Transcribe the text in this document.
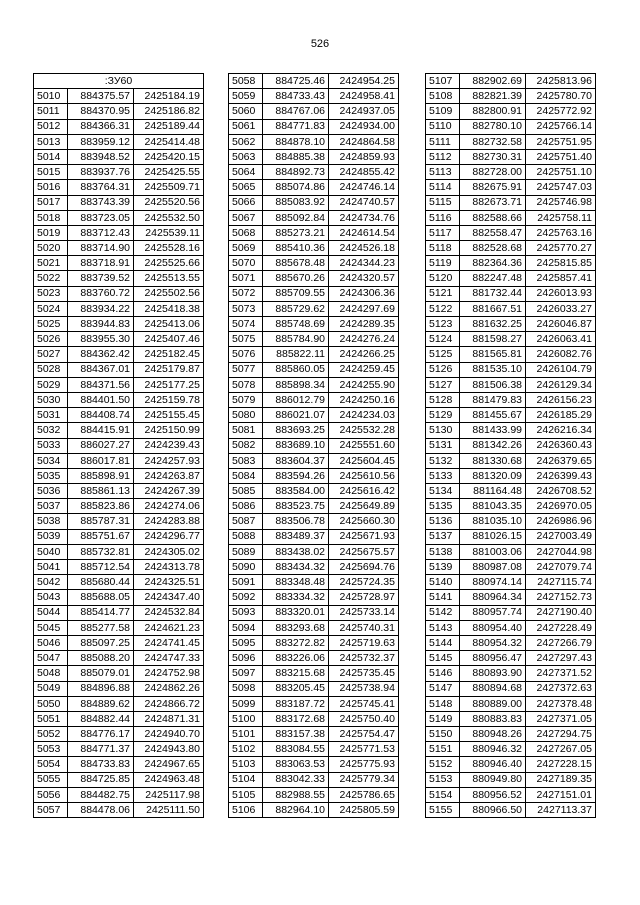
526
:ЗУ60		
5010	884375.57	2425184.19
5011	884370.95	2425186.82
5012	884366.31	2425189.44
5013	883959.12	2425414.48
5014	883948.52	2425420.15
5015	883937.76	2425425.55
5016	883764.31	2425509.71
5017	883743.39	2425520.56
5018	883723.05	2425532.50
5019	883712.43	2425539.11
5020	883714.90	2425528.16
5021	883718.91	2425525.66
5022	883739.52	2425513.55
5023	883760.72	2425502.56
5024	883934.22	2425418.38
5025	883944.83	2425413.06
5026	883955.30	2425407.46
5027	884362.42	2425182.45
5028	884367.01	2425179.87
5029	884371.56	2425177.25
5030	884401.50	2425159.78
5031	884408.74	2425155.45
5032	884415.91	2425150.99
5033	886027.27	2424239.43
5034	886017.81	2424257.93
5035	885898.91	2424263.87
5036	885861.13	2424267.39
5037	885823.86	2424274.06
5038	885787.31	2424283.88
5039	885751.67	2424296.77
5040	885732.81	2424305.02
5041	885712.54	2424313.78
5042	885680.44	2424325.51
5043	885688.05	2424347.40
5044	885414.77	2424532.84
5045	885277.58	2424621.23
5046	885097.25	2424741.45
5047	885088.20	2424747.33
5048	885079.01	2424752.98
5049	884896.88	2424862.26
5050	884889.62	2424866.72
5051	884882.44	2424871.31
5052	884776.17	2424940.70
5053	884771.37	2424943.80
5054	884733.83	2424967.65
5055	884725.85	2424963.48
5056	884482.75	2425117.98
5057	884478.06	2425111.50
5058	884725.46	2424954.25
5059	884733.43	2424958.41
5060	884767.06	2424937.05
5061	884771.83	2424934.00
5062	884878.10	2424864.58
5063	884885.38	2424859.93
5064	884892.73	2424855.42
5065	885074.86	2424746.14
5066	885083.92	2424740.57
5067	885092.84	2424734.76
5068	885273.21	2424614.54
5069	885410.36	2424526.18
5070	885678.48	2424344.23
5071	885670.26	2424320.57
5072	885709.55	2424306.36
5073	885729.62	2424297.69
5074	885748.69	2424289.35
5075	885784.90	2424276.24
5076	885822.11	2424266.25
5077	885860.05	2424259.45
5078	885898.34	2424255.90
5079	886012.79	2424250.16
5080	886021.07	2424234.03
5081	883693.25	2425532.28
5082	883689.10	2425551.60
5083	883604.37	2425604.45
5084	883594.26	2425610.56
5085	883584.00	2425616.42
5086	883523.75	2425649.89
5087	883506.78	2425660.30
5088	883489.37	2425671.93
5089	883438.02	2425675.57
5090	883434.32	2425694.76
5091	883348.48	2425724.35
5092	883334.32	2425728.97
5093	883320.01	2425733.14
5094	883293.68	2425740.31
5095	883272.82	2425719.63
5096	883226.06	2425732.37
5097	883215.68	2425735.45
5098	883205.45	2425738.94
5099	883187.72	2425745.41
5100	883172.68	2425750.40
5101	883157.38	2425754.47
5102	883084.55	2425771.53
5103	883063.53	2425775.93
5104	883042.33	2425779.34
5105	882988.55	2425786.65
5106	882964.10	2425805.59
5107	882902.69	2425813.96
5108	882821.39	2425780.70
5109	882800.91	2425772.92
5110	882780.10	2425766.14
5111	882732.58	2425751.95
5112	882730.31	2425751.40
5113	882728.00	2425751.10
5114	882675.91	2425747.03
5115	882673.71	2425746.98
5116	882588.66	2425758.11
5117	882558.47	2425763.16
5118	882528.68	2425770.27
5119	882364.36	2425815.85
5120	882247.48	2425857.41
5121	881732.44	2426013.93
5122	881667.51	2426033.27
5123	881632.25	2426046.87
5124	881598.27	2426063.41
5125	881565.81	2426082.76
5126	881535.10	2426104.79
5127	881506.38	2426129.34
5128	881479.83	2426156.23
5129	881455.67	2426185.29
5130	881433.99	2426216.34
5131	881342.26	2426360.43
5132	881330.68	2426379.65
5133	881320.09	2426399.43
5134	881164.48	2426708.52
5135	881043.35	2426970.05
5136	881035.10	2426986.96
5137	881026.15	2427003.49
5138	881003.06	2427044.98
5139	880987.08	2427079.74
5140	880974.14	2427115.74
5141	880964.34	2427152.73
5142	880957.74	2427190.40
5143	880954.40	2427228.49
5144	880954.32	2427266.79
5145	880956.47	2427297.43
5146	880893.90	2427371.52
5147	880894.68	2427372.63
5148	880889.00	2427378.48
5149	880883.83	2427371.05
5150	880948.26	2427294.75
5151	880946.32	2427267.05
5152	880946.40	2427228.15
5153	880949.80	2427189.35
5154	880956.52	2427151.01
5155	880966.50	2427113.37
